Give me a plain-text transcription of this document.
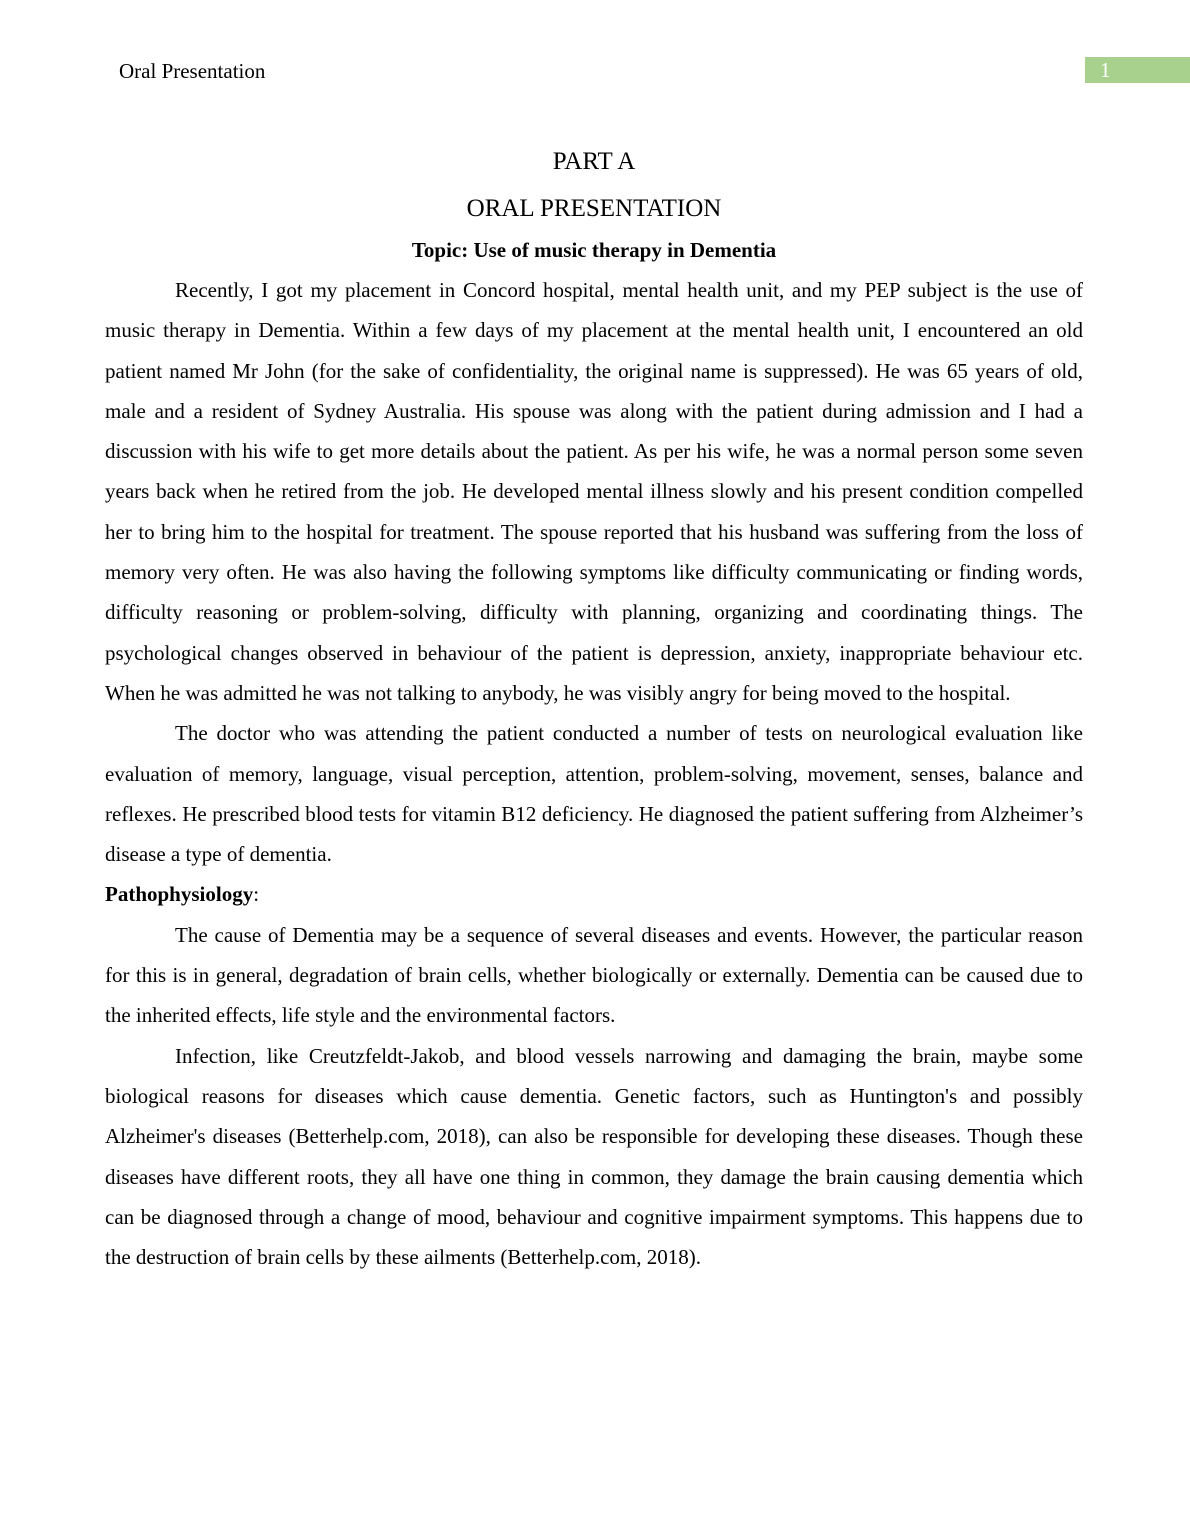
Oral Presentation	1
PART A
ORAL PRESENTATION
Topic: Use of music therapy in Dementia

Recently, I got my placement in Concord hospital, mental health unit, and my PEP subject is the use of music therapy in Dementia. Within a few days of my placement at the mental health unit, I encountered an old patient named Mr John (for the sake of confidentiality, the original name is suppressed). He was 65 years of old, male and a resident of Sydney Australia. His spouse was along with the patient during admission and I had a discussion with his wife to get more details about the patient. As per his wife, he was a normal person some seven years back when he retired from the job. He developed mental illness slowly and his present condition compelled her to bring him to the hospital for treatment. The spouse reported that his husband was suffering from the loss of memory very often. He was also having the following symptoms like difficulty communicating or finding words, difficulty reasoning or problem-solving, difficulty with planning, organizing and coordinating things. The psychological changes observed in behaviour of the patient is depression, anxiety, inappropriate behaviour etc. When he was admitted he was not talking to anybody, he was visibly angry for being moved to the hospital.

The doctor who was attending the patient conducted a number of tests on neurological evaluation like evaluation of memory, language, visual perception, attention, problem-solving, movement, senses, balance and reflexes. He prescribed blood tests for vitamin B12 deficiency. He diagnosed the patient suffering from Alzheimer’s disease a type of dementia.

Pathophysiology:

The cause of Dementia may be a sequence of several diseases and events. However, the particular reason for this is in general, degradation of brain cells, whether biologically or externally. Dementia can be caused due to the inherited effects, life style and the environmental factors.

Infection, like Creutzfeldt-Jakob, and blood vessels narrowing and damaging the brain, maybe some biological reasons for diseases which cause dementia. Genetic factors, such as Huntington's and possibly Alzheimer's diseases (Betterhelp.com, 2018), can also be responsible for developing these diseases. Though these diseases have different roots, they all have one thing in common, they damage the brain causing dementia which can be diagnosed through a change of mood, behaviour and cognitive impairment symptoms. This happens due to the destruction of brain cells by these ailments (Betterhelp.com, 2018).
